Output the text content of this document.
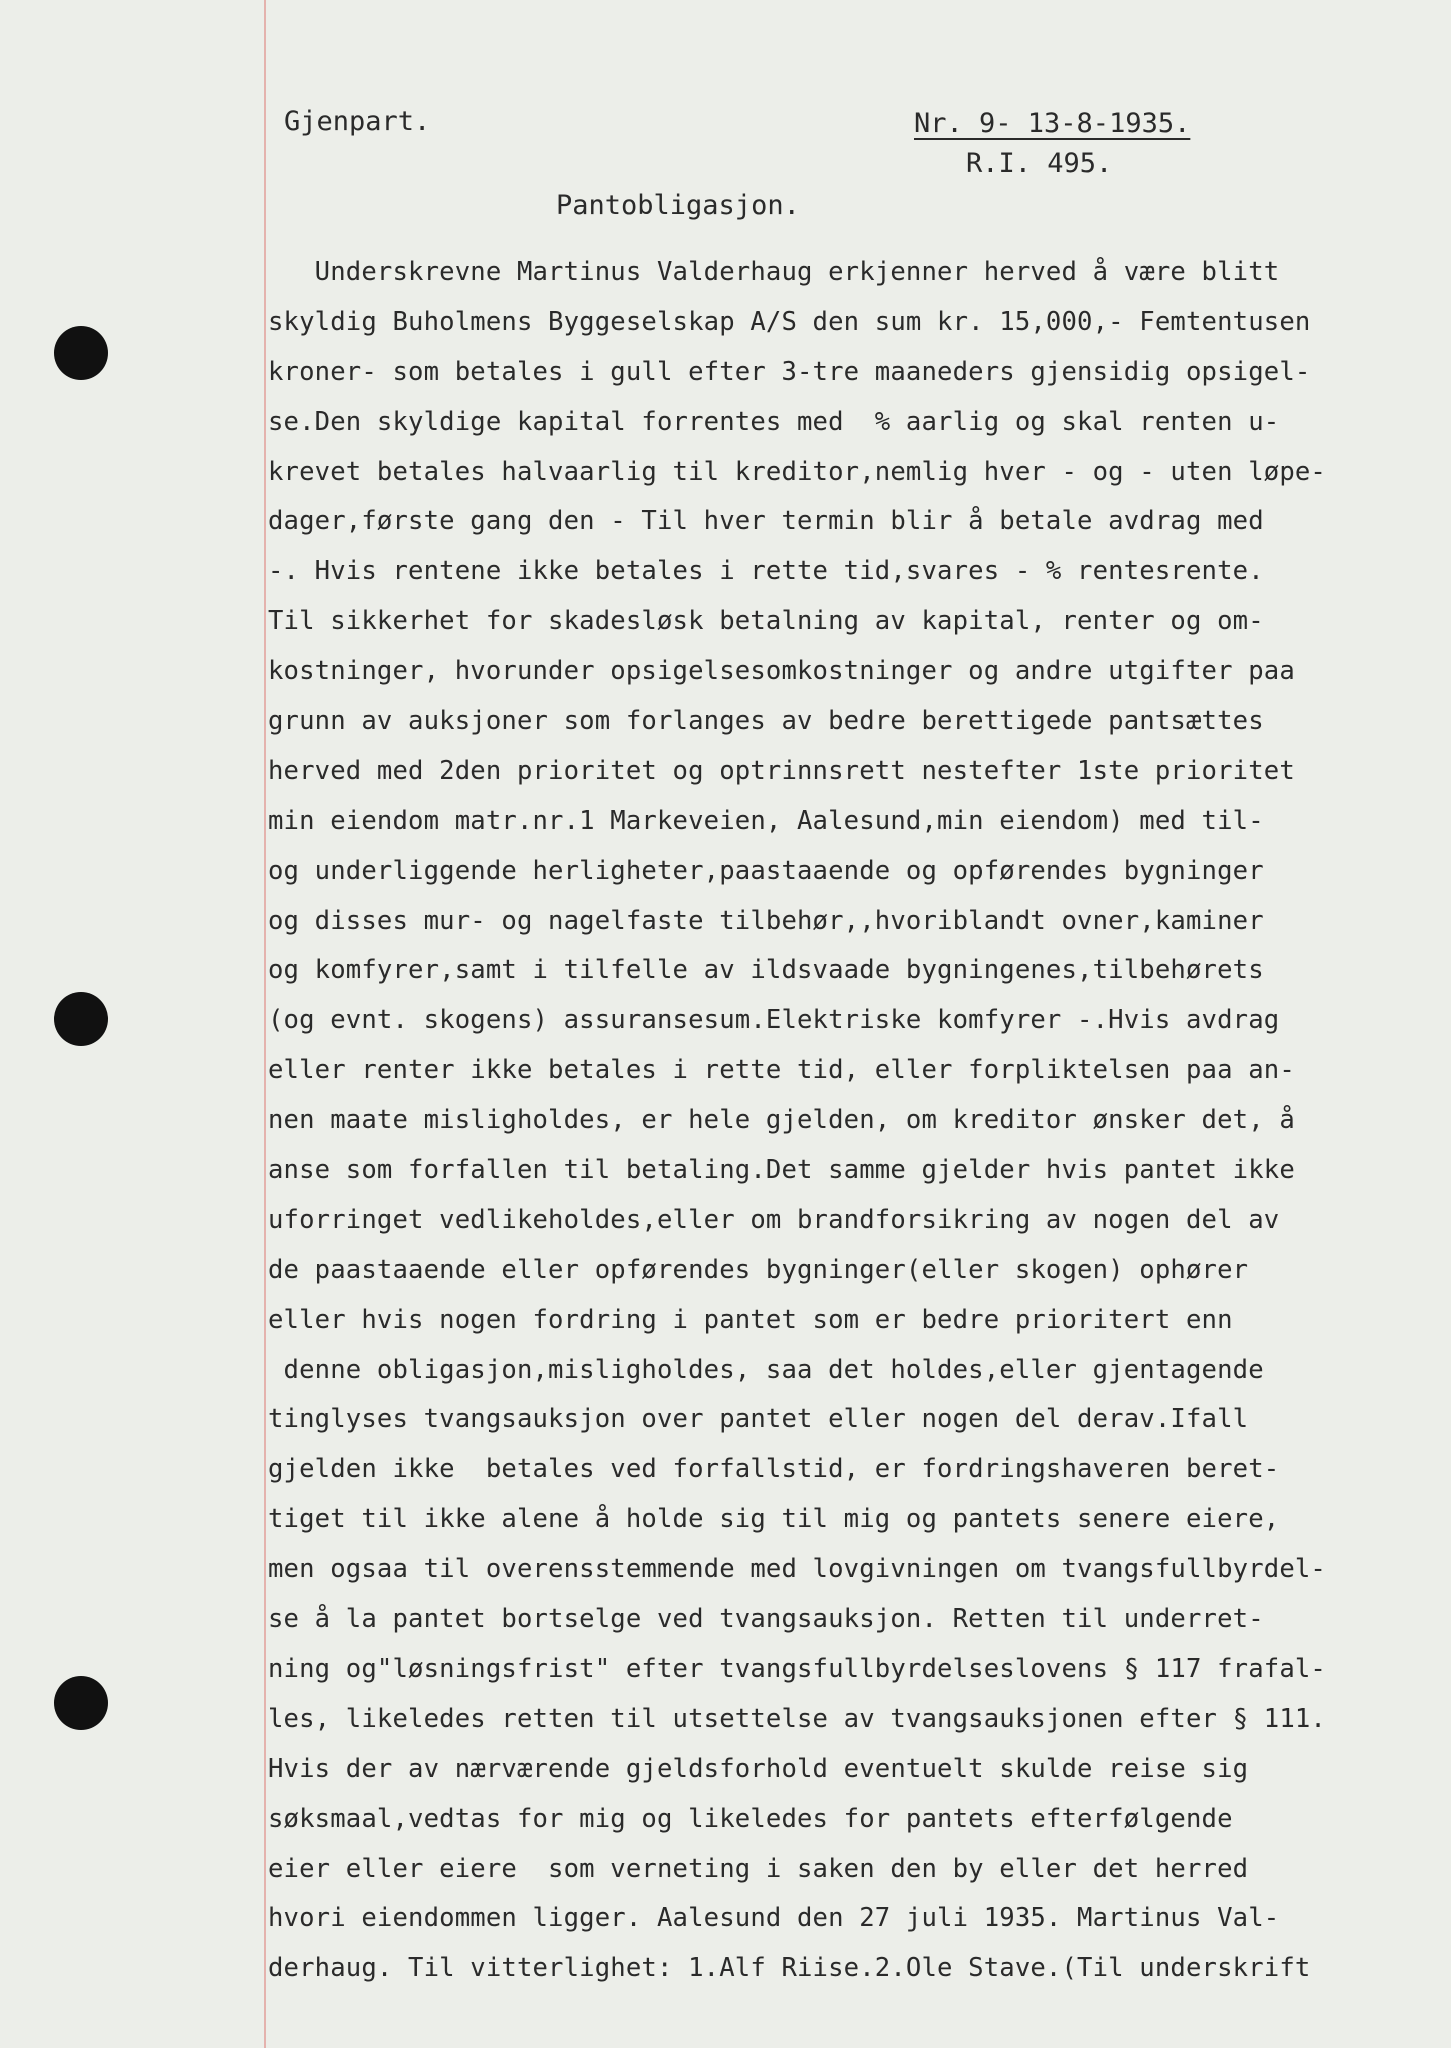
Gjenpart.	Nr. 9- 13-8-1935.
R.I. 495.
Pantobligasjon.
Underskrevne Martinus Valderhaug erkjenner herved å være blitt
skyldig Buholmens Byggeselskap A/S den sum kr. 15,000,- Femtentusen
kroner- som betales i gull efter 3-tre maaneders gjensidig opsigel-
se.Den skyldige kapital forrentes med  % aarlig og skal renten u-
krevet betales halvaarlig til kreditor,nemlig hver - og - uten løpe-
dager,første gang den - Til hver termin blir å betale avdrag med
-. Hvis rentene ikke betales i rette tid,svares - % rentesrente.
Til sikkerhet for skadesløsk betalning av kapital, renter og om-
kostninger, hvorunder opsigelsesomkostninger og andre utgifter paa
grunn av auksjoner som forlanges av bedre berettigede pantsættes
herved med 2den prioritet og optrinnsrett nestefter 1ste prioritet
min eiendom matr.nr.1 Markeveien, Aalesund,min eiendom) med til-
og underliggende herligheter,paastaaende og opførendes bygninger
og disses mur- og nagelfaste tilbehør,,hvoriblandt ovner,kaminer
og komfyrer,samt i tilfelle av ildsvaade bygningenes,tilbehørets
(og evnt. skogens) assuransesum.Elektriske komfyrer -.Hvis avdrag
eller renter ikke betales i rette tid, eller forpliktelsen paa an-
nen maate misligholdes, er hele gjelden, om kreditor ønsker det, å
anse som forfallen til betaling.Det samme gjelder hvis pantet ikke
uforringet vedlikeholdes,eller om brandforsikring av nogen del av
de paastaaende eller opførendes bygninger(eller skogen) ophører
eller hvis nogen fordring i pantet som er bedre prioritert enn
denne obligasjon,misligholdes, saa det holdes,eller gjentagende
tinglyses tvangsauksjon over pantet eller nogen del derav.Ifall
gjelden ikke  betales ved forfallstid, er fordringshaveren beret-
tiget til ikke alene å holde sig til mig og pantets senere eiere,
men ogsaa til overensstemmende med lovgivningen om tvangsfullbyrdel-
se å la pantet bortselge ved tvangsauksjon. Retten til underret-
ning og"løsningsfrist" efter tvangsfullbyrdelseslovens § 117 frafal-
les, likeledes retten til utsettelse av tvangsauksjonen efter § 111.
Hvis der av nærværende gjeldsforhold eventuelt skulde reise sig
søksmaal,vedtas for mig og likeledes for pantets efterfølgende
eier eller eiere  som verneting i saken den by eller det herred
hvori eiendommen ligger. Aalesund den 27 juli 1935. Martinus Val-
derhaug. Til vitterlighet: 1.Alf Riise.2.Ole Stave.(Til underskrift
